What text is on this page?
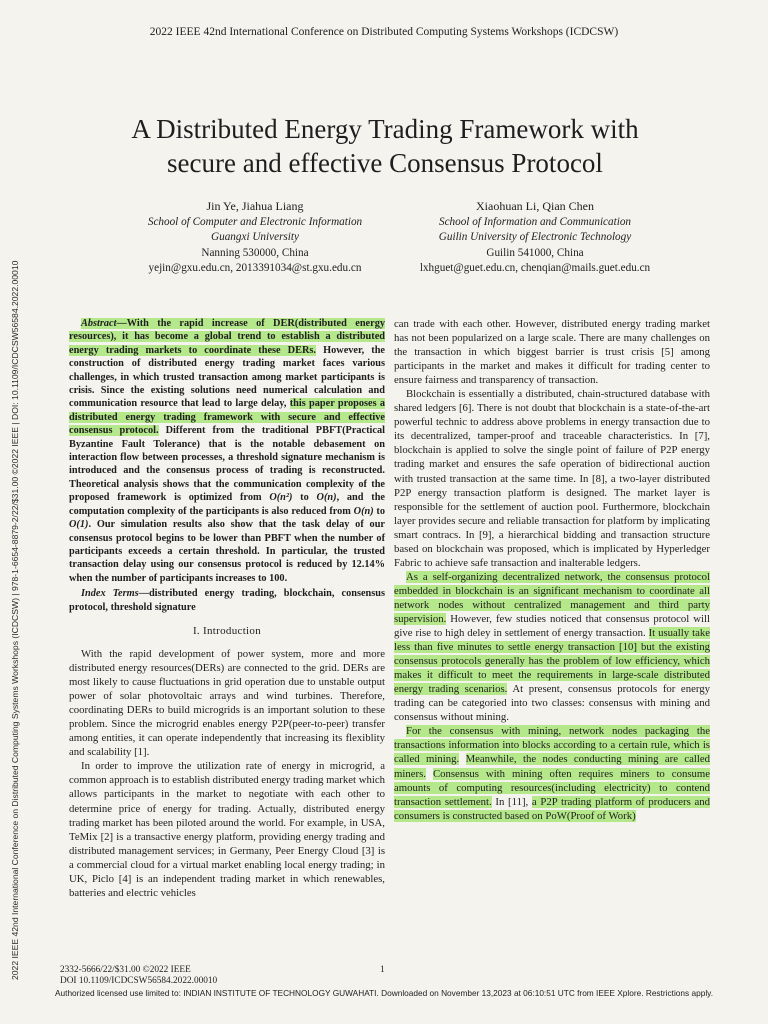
2022 IEEE 42nd International Conference on Distributed Computing Systems Workshops (ICDCSW)
2022 IEEE 42nd International Conference on Distributed Computing Systems Workshops (ICDCSW) | 978-1-6654-8879-2/22/$31.00 ©2022 IEEE | DOI: 10.1109/ICDCSW56584.2022.00010
A Distributed Energy Trading Framework with
secure and effective Consensus Protocol
Jin Ye, Jiahua Liang
School of Computer and Electronic Information
Guangxi University
Nanning 530000, China
yejin@gxu.edu.cn, 2013391034@st.gxu.edu.cn
Xiaohuan Li, Qian Chen
School of Information and Communication
Guilin University of Electronic Technology
Guilin 541000, China
lxhguet@guet.edu.cn, chenqian@mails.guet.edu.cn

Abstract—With the rapid increase of DER(distributed energy resources), it has become a global trend to establish a distributed energy trading markets to coordinate these DERs. However, the construction of distributed energy trading market faces various challenges, in which trusted transaction among market participants is crisis. Since the existing solutions need numerical calculation and communication resource that lead to large delay, this paper proposes a distributed energy trading framework with secure and effective consensus protocol. Different from the traditional PBFT(Practical Byzantine Fault Tolerance) that is the notable debasement on interaction flow between processes, a threshold signature mechanism is introduced and the consensus process of trading is reconstructed. Theoretical analysis shows that the communication complexity of the proposed framework is optimized from O(n²) to O(n), and the computation complexity of the participants is also reduced from O(n) to O(1). Our simulation results also show that the task delay of our consensus protocol begins to be lower than PBFT when the number of participants exceeds a certain threshold. In particular, the trusted transaction delay using our consensus protocol is reduced by 12.14% when the number of participants increases to 100.

Index Terms—distributed energy trading, blockchain, consensus protocol, threshold signature

I. Introduction

With the rapid development of power system, more and more distributed energy resources(DERs) are connected to the grid. DERs are most likely to cause fluctuations in grid operation due to unstable output power of solar photovoltaic arrays and wind turbines. Therefore, coordinating DERs to build microgrids is an important solution to these problem. Since the microgrid enables energy P2P(peer-to-peer) transfer among entities, it can operate independently that increasing its flexiblity and scalability [1].

In order to improve the utilization rate of energy in microgrid, a common approach is to establish distributed energy trading market which allows participants in the market to negotiate with each other to determine price of energy for trading. Actually, distributed energy trading market has been piloted around the world. For example, in USA, TeMix [2] is a transactive energy platform, providing energy trading and distributed management services; in Germany, Peer Energy Cloud [3] is a commercial cloud for a virtual market enabling local energy trading; in UK, Piclo [4] is an independent trading market in which renewables, batteries and electric vehicles

can trade with each other. However, distributed energy trading market has not been popularized on a large scale. There are many challenges on the transaction in which biggest barrier is trust crisis [5] among participants in the market and makes it difficult for trading center to ensure fairness and transparency of transaction.

Blockchain is essentially a distributed, chain-structured database with shared ledgers [6]. There is not doubt that blockchain is a state-of-the-art powerful technic to address above problems in energy transaction due to its decentralized, tamper-proof and traceable characteristics. In [7], blockchain is applied to solve the single point of failure of P2P energy trading market and ensures the safe operation of bidirectional auction with trusted transaction at the same time. In [8], a two-layer distributed P2P energy transaction platform is designed. The market layer is responsible for the settlement of auction pool. Furthermore, blockchain layer provides secure and reliable transaction for platform by implicating smart contracs. In [9], a hierarchical bidding and transaction structure based on blockchain was proposed, which is implicated by Hyperledger Fabric to achieve safe transaction and inalterable ledgers.

As a self-organizing decentralized network, the consensus protocol embedded in blockchain is an significant mechanism to coordinate all network nodes without centralized management and third party supervision. However, few studies noticed that consensus protocol will give rise to high deley in settlement of energy transaction. It usually take less than five minutes to settle energy transaction [10] but the existing consensus protocols generally has the problem of low efficiency, which makes it difficult to meet the requirements in large-scale distributed energy trading scenarios. At present, consensus protocols for energy trading can be categoried into two classes: consensus with mining and consensus without mining.

For the consensus with mining, network nodes packaging the transactions information into blocks according to a certain rule, which is called mining. Meanwhile, the nodes conducting mining are called miners. Consensus with mining often requires miners to consume amounts of computing resources(including electricity) to contend transaction settlement. In [11], a P2P trading platform of producers and consumers is constructed based on PoW(Proof of Work)

2332-5666/22/$31.00 ©2022 IEEE
DOI 10.1109/ICDCSW56584.2022.00010
1
Authorized licensed use limited to: INDIAN INSTITUTE OF TECHNOLOGY GUWAHATI. Downloaded on November 13,2023 at 06:10:51 UTC from IEEE Xplore. Restrictions apply.
